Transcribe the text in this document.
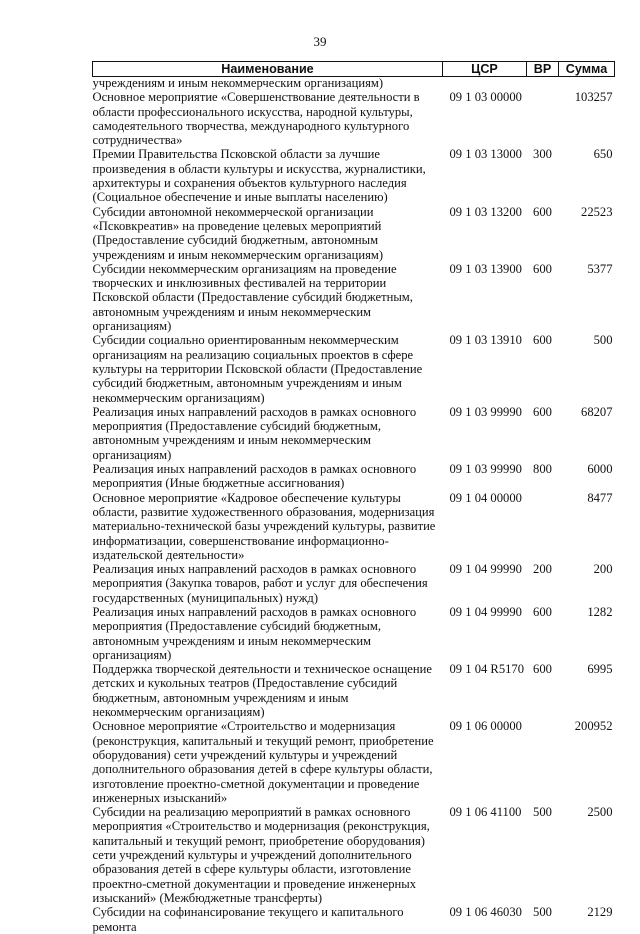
39
Наименование	ЦСР	ВР	Сумма
учреждениям и иным некоммерческим организациям)			
Основное мероприятие «Совершенствование деятельности в области профессионального искусства, народной культуры, самодеятельного творчества, международного культурного сотрудничества»	09 1 03 00000		103257
Премии Правительства Псковской области за лучшие произведения в области культуры и искусства, журналистики, архитектуры и сохранения объектов культурного наследия (Социальное обеспечение и иные выплаты населению)	09 1 03 13000	300	650
Субсидии автономной некоммерческой организации «Псковкреатив» на проведение целевых мероприятий (Предоставление субсидий бюджетным, автономным учреждениям и иным некоммерческим организациям)	09 1 03 13200	600	22523
Субсидии некоммерческим организациям на проведение творческих и инклюзивных фестивалей на территории Псковской области (Предоставление субсидий бюджетным, автономным учреждениям и иным некоммерческим организациям)	09 1 03 13900	600	5377
Субсидии социально ориентированным некоммерческим организациям на реализацию социальных проектов в сфере культуры на территории Псковской области (Предоставление субсидий бюджетным, автономным учреждениям и иным некоммерческим организациям)	09 1 03 13910	600	500
Реализация иных направлений расходов в рамках основного мероприятия (Предоставление субсидий бюджетным, автономным учреждениям и иным некоммерческим организациям)	09 1 03 99990	600	68207
Реализация иных направлений расходов в рамках основного мероприятия (Иные бюджетные ассигнования)	09 1 03 99990	800	6000
Основное мероприятие «Кадровое обеспечение культуры области, развитие художественного образования, модернизация материально-технической базы учреждений культуры, развитие информатизации, совершенствование информационно-издательской деятельности»	09 1 04 00000		8477
Реализация иных направлений расходов в рамках основного мероприятия (Закупка товаров, работ и услуг для обеспечения государственных (муниципальных) нужд)	09 1 04 99990	200	200
Реализация иных направлений расходов в рамках основного мероприятия (Предоставление субсидий бюджетным, автономным учреждениям и иным некоммерческим организациям)	09 1 04 99990	600	1282
Поддержка творческой деятельности и техническое оснащение детских и кукольных театров (Предоставление субсидий бюджетным, автономным учреждениям и иным некоммерческим организациям)	09 1 04 R5170	600	6995
Основное мероприятие «Строительство и модернизация (реконструкция, капитальный и текущий ремонт, приобретение оборудования) сети учреждений культуры и учреждений дополнительного образования детей в сфере культуры области, изготовление проектно-сметной документации и проведение инженерных изысканий»	09 1 06 00000		200952
Субсидии на реализацию мероприятий в рамках основного мероприятия «Строительство и модернизация (реконструкция, капитальный и текущий ремонт, приобретение оборудования) сети учреждений культуры и учреждений дополнительного образования детей в сфере культуры области, изготовление проектно-сметной документации и проведение инженерных изысканий» (Межбюджетные трансферты)	09 1 06 41100	500	2500
Субсидии на софинансирование текущего и капитального ремонта	09 1 06 46030	500	2129
